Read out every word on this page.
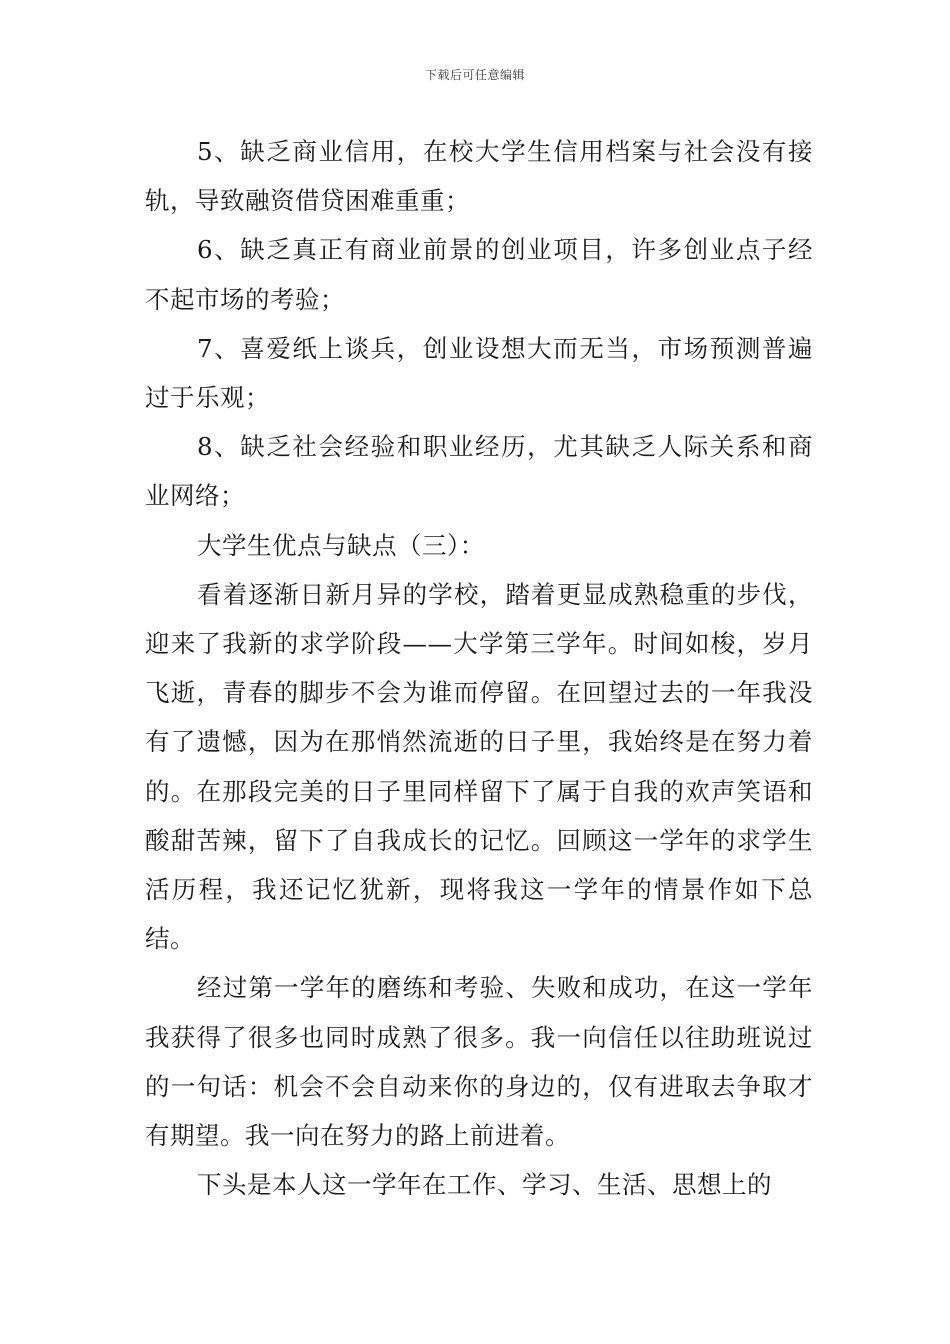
下载后可任意编辑

5、缺乏商业信用，在校大学生信用档案与社会没有接轨，导致融资借贷困难重重；

6、缺乏真正有商业前景的创业项目，许多创业点子经不起市场的考验；

7、喜爱纸上谈兵，创业设想大而无当，市场预测普遍过于乐观；

8、缺乏社会经验和职业经历，尤其缺乏人际关系和商业网络；

大学生优点与缺点（三）：

看着逐渐日新月异的学校，踏着更显成熟稳重的步伐，迎来了我新的求学阶段——大学第三学年。时间如梭，岁月飞逝，青春的脚步不会为谁而停留。在回望过去的一年我没有了遗憾，因为在那悄然流逝的日子里，我始终是在努力着的。在那段完美的日子里同样留下了属于自我的欢声笑语和酸甜苦辣，留下了自我成长的记忆。回顾这一学年的求学生活历程，我还记忆犹新，现将我这一学年的情景作如下总结。

经过第一学年的磨练和考验、失败和成功，在这一学年我获得了很多也同时成熟了很多。我一向信任以往助班说过的一句话：机会不会自动来你的身边的，仅有进取去争取才有期望。我一向在努力的路上前进着。

下头是本人这一学年在工作、学习、生活、思想上的
